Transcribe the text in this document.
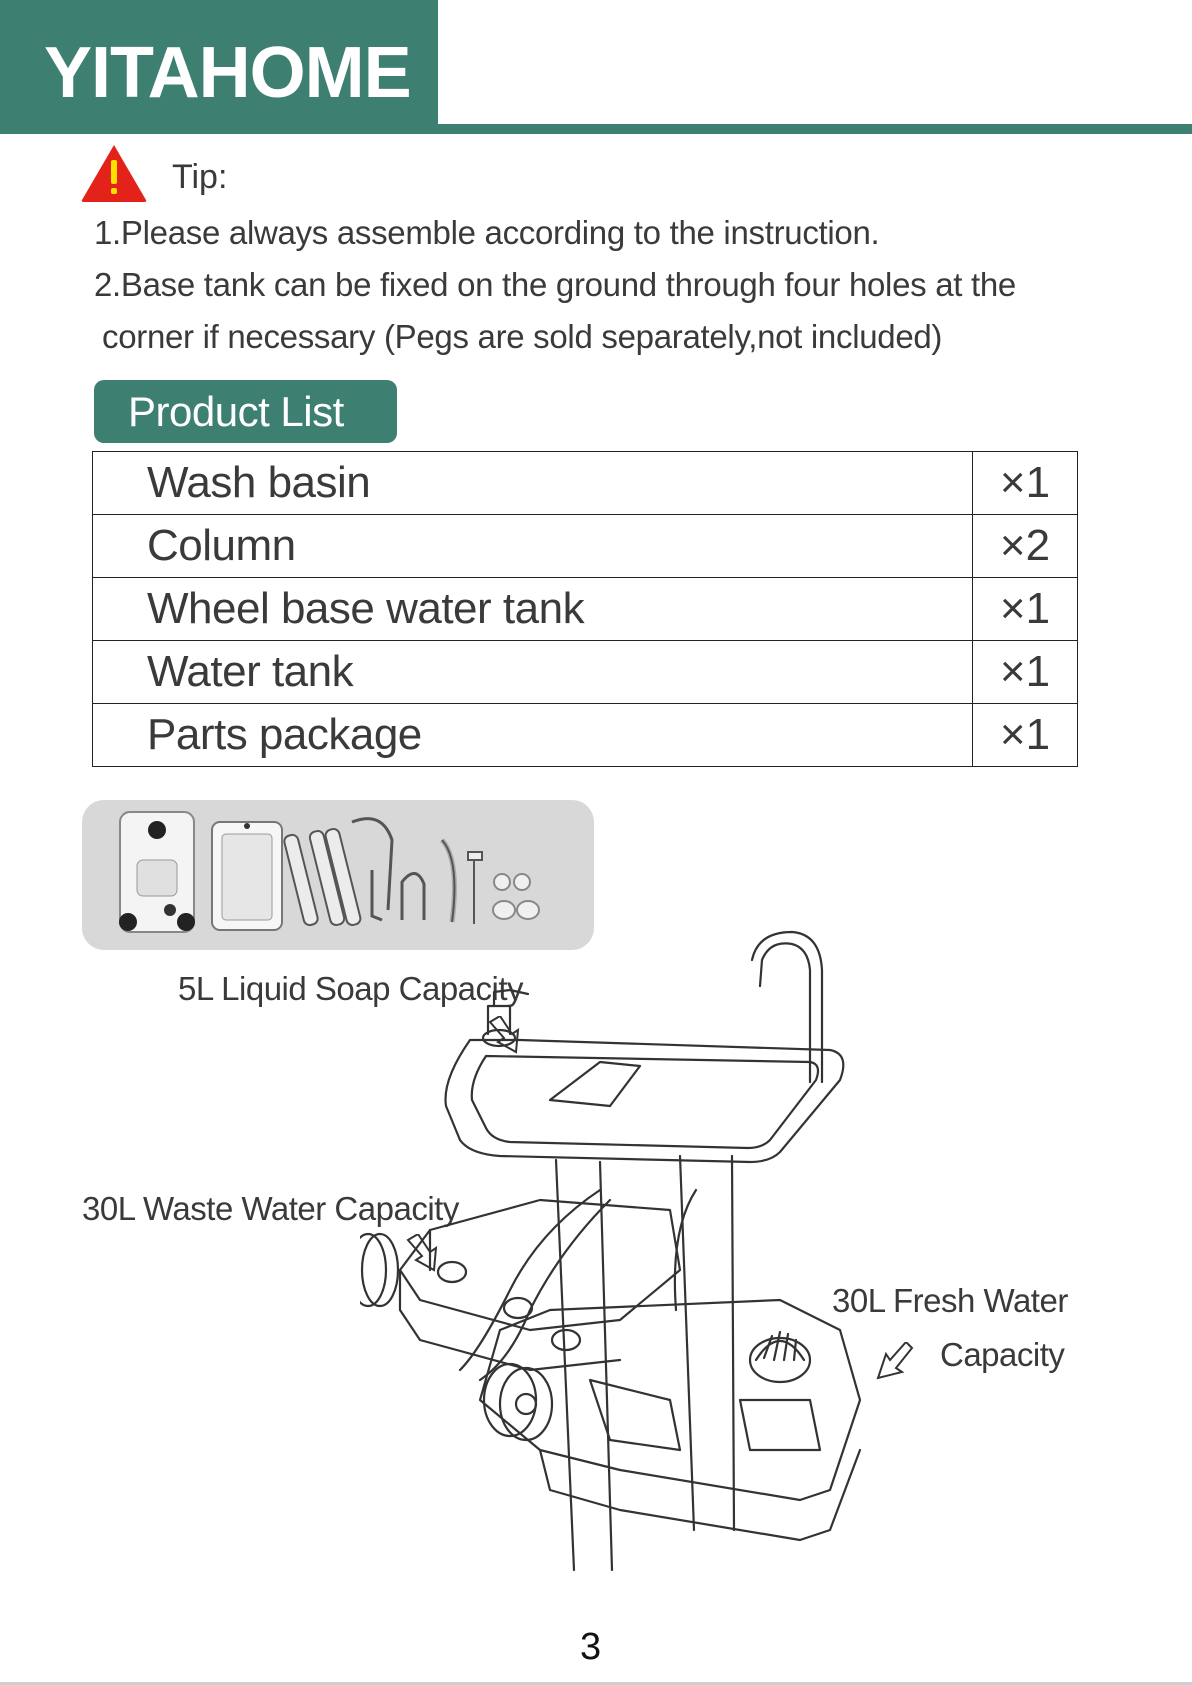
YITAHOME
Tip:
1.Please always assemble according to the instruction.
2.Base tank can be fixed on the ground through four holes at the
corner if necessary (Pegs are sold separately,not included)
Product List
Wash basin	×1
Column	×2
Wheel base water tank	×1
Water tank	×1
Parts package	×1
5L Liquid Soap Capacity
30L Waste Water Capacity
30L Fresh Water
Capacity
3
